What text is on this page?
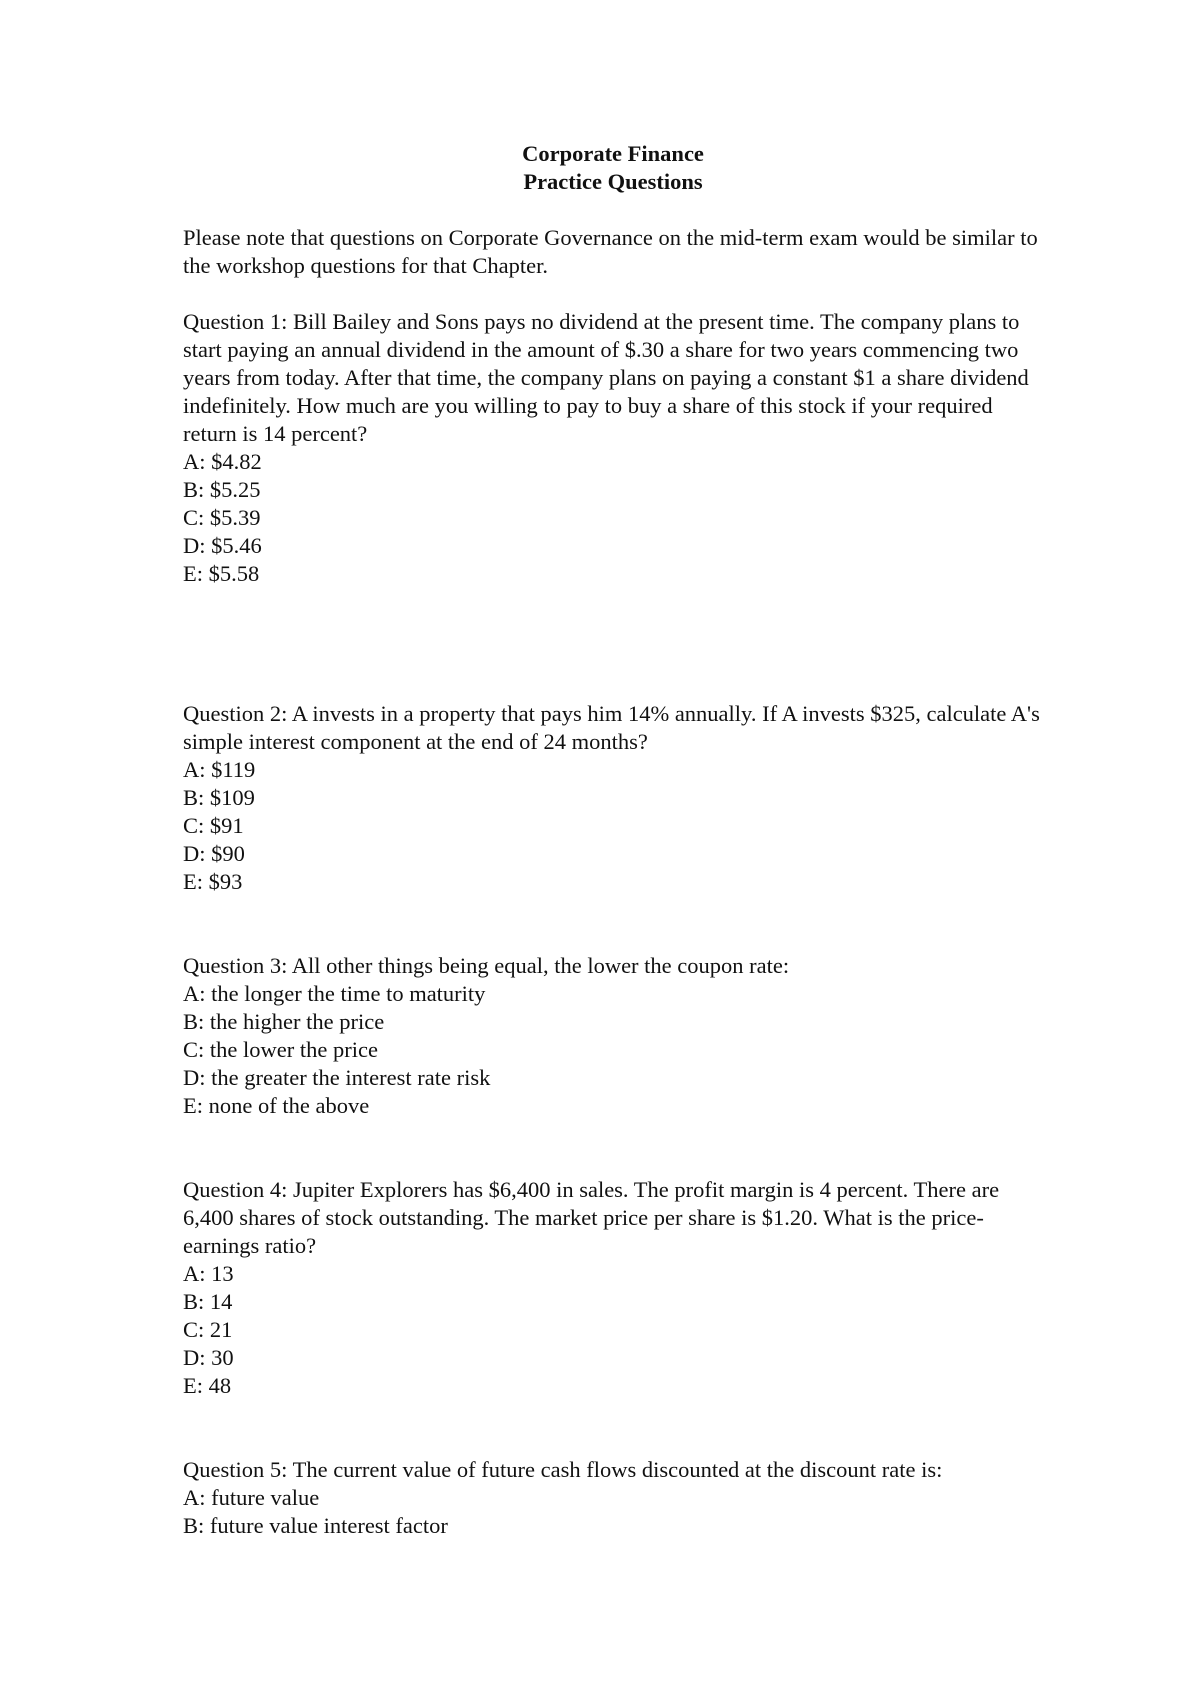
Corporate Finance
Practice Questions

Please note that questions on Corporate Governance on the mid-term exam would be similar to the workshop questions for that Chapter.

Question 1: Bill Bailey and Sons pays no dividend at the present time. The company plans to start paying an annual dividend in the amount of $.30 a share for two years commencing two years from today. After that time, the company plans on paying a constant $1 a share dividend indefinitely. How much are you willing to pay to buy a share of this stock if your required return is 14 percent?

A: $4.82
B: $5.25
C: $5.39
D: $5.46
E: $5.58

Question 2: A invests in a property that pays him 14% annually. If A invests $325, calculate A's simple interest component at the end of 24 months?

A: $119
B: $109
C: $91
D: $90
E: $93

Question 3: All other things being equal, the lower the coupon rate:

A: the longer the time to maturity
B: the higher the price
C: the lower the price
D: the greater the interest rate risk
E: none of the above

Question 4: Jupiter Explorers has $6,400 in sales. The profit margin is 4 percent. There are 6,400 shares of stock outstanding. The market price per share is $1.20. What is the price-earnings ratio?

A: 13
B: 14
C: 21
D: 30
E: 48

Question 5: The current value of future cash flows discounted at the discount rate is:

A: future value
B: future value interest factor
